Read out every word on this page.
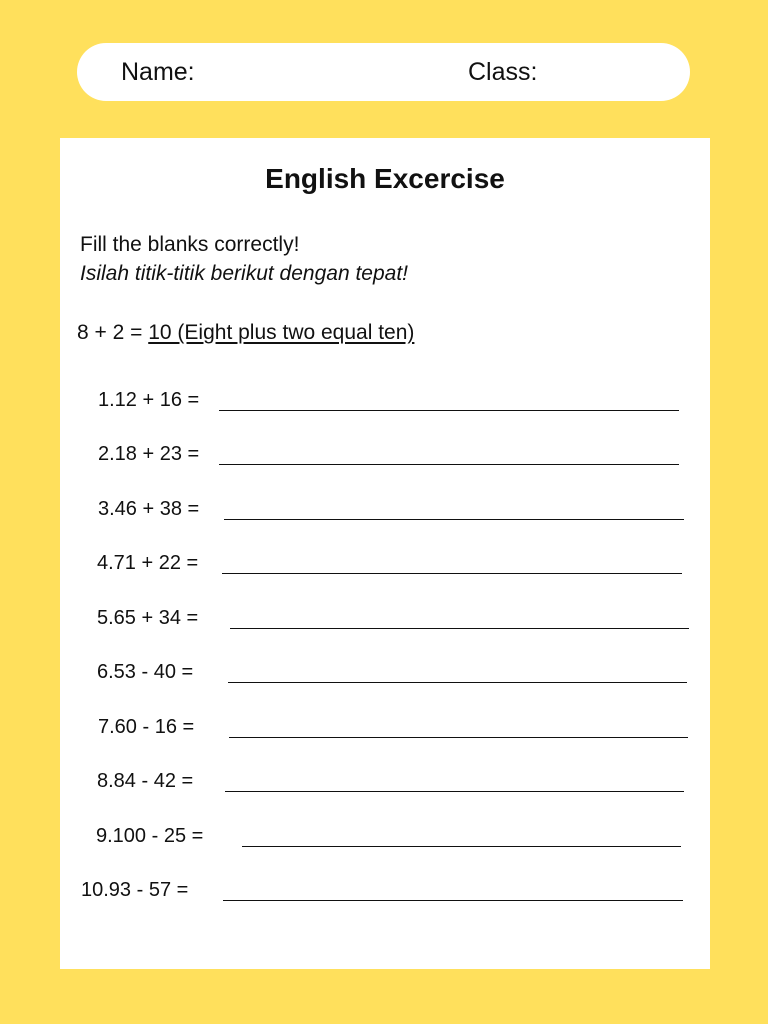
Name:	Class:
English Excercise
Fill the blanks correctly!
Isilah titik-titik berikut dengan tepat!
8 + 2 = 10 (Eight plus two equal ten)
1.12 + 16 =
2.18 + 23 =
3.46 + 38 =
4.71 + 22 =
5.65 + 34 =
6.53 - 40 =
7.60 - 16 =
8.84 - 42 =
9.100 - 25 =
10.93 - 57 =
